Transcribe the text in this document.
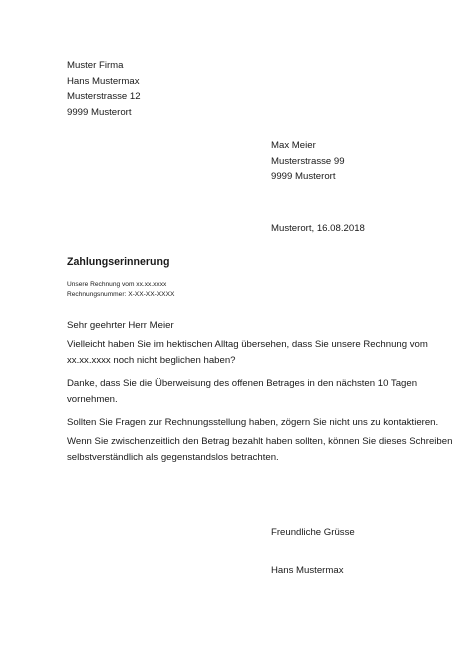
Muster Firma
Hans Mustermax
Musterstrasse 12
9999 Musterort
Max Meier
Musterstrasse 99
9999 Musterort
Musterort, 16.08.2018
Zahlungserinnerung
Unsere Rechnung vom xx.xx.xxxx
Rechnungsnummer: X-XX-XX-XXXX
Sehr geehrter Herr Meier
Vielleicht haben Sie im hektischen Alltag übersehen, dass Sie unsere Rechnung vom
xx.xx.xxxx noch nicht beglichen haben?
Danke, dass Sie die Überweisung des offenen Betrages in den nächsten 10 Tagen
vornehmen.
Sollten Sie Fragen zur Rechnungsstellung haben, zögern Sie nicht uns zu kontaktieren.
Wenn Sie zwischenzeitlich den Betrag bezahlt haben sollten, können Sie dieses Schreiben
selbstverständlich als gegenstandslos betrachten.
Freundliche Grüsse
Hans Mustermax
